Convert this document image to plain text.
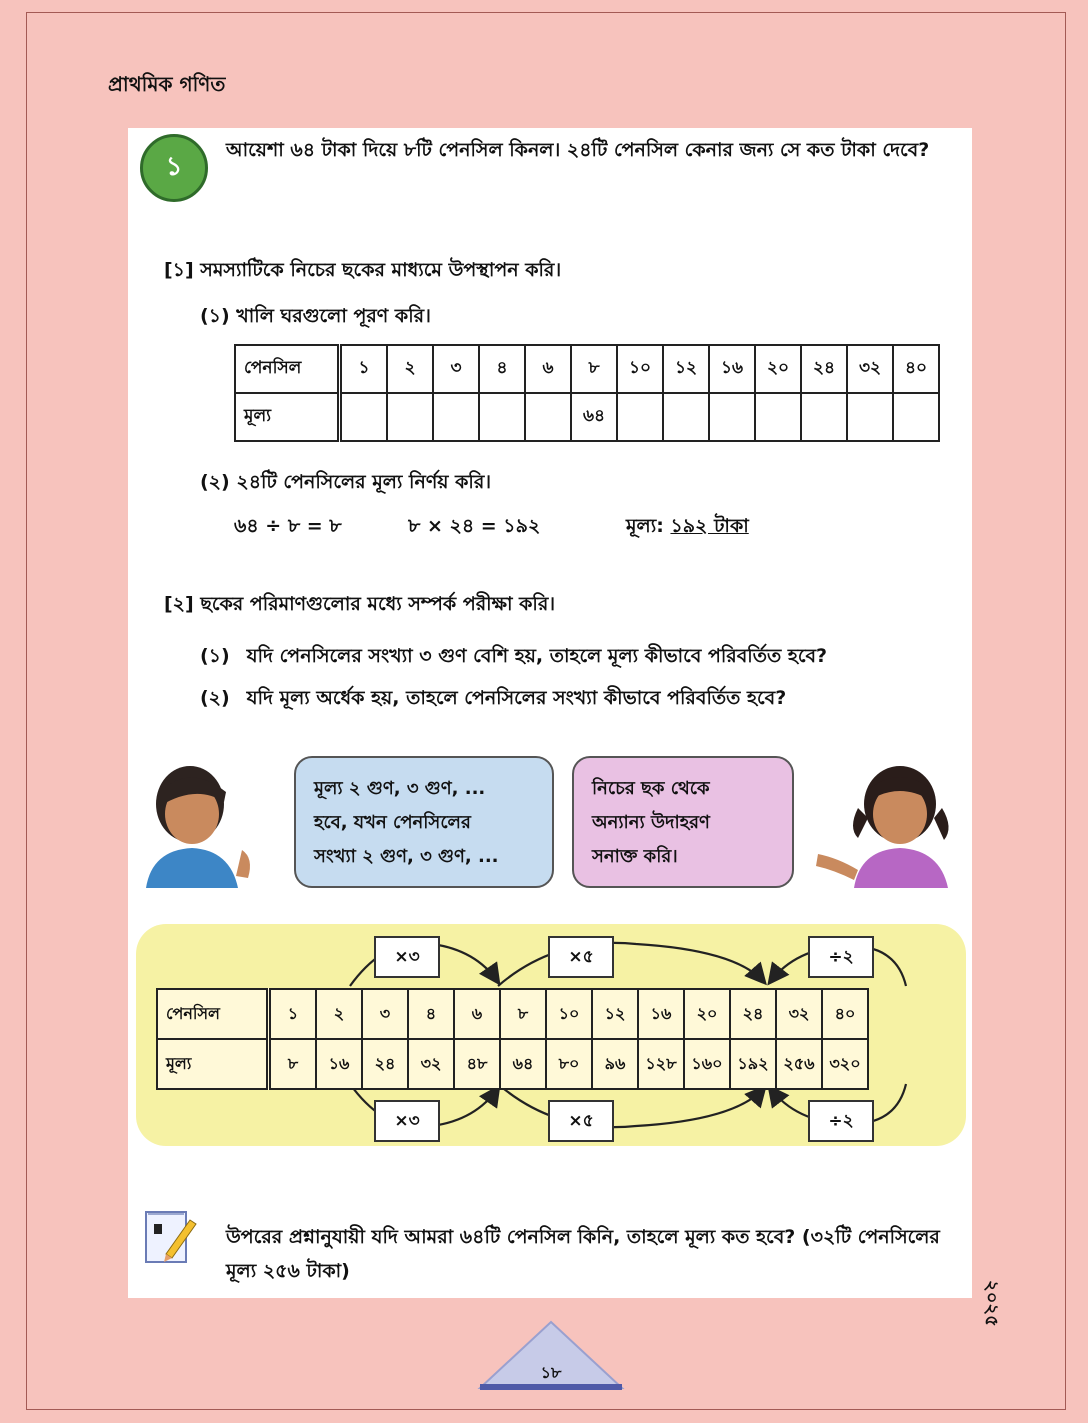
প্রাথমিক গণিত
১
আয়েশা ৬৪ টাকা দিয়ে ৮টি পেনসিল কিনল। ২৪টি পেনসিল কেনার জন্য সে কত টাকা দেবে?
[১] সমস্যাটিকে নিচের ছকের মাধ্যমে উপস্থাপন করি।
(১) খালি ঘরগুলো পূরণ করি।
পেনসিল	১	২	৩	৪	৬	৮	১০	১২	১৬	২০	২৪	৩২	৪০
মূল্য						৬৪							
(২) ২৪টি পেনসিলের মূল্য নির্ণয় করি।
৬৪ ÷ ৮ = ৮	৮ × ২৪ = ১৯২	মূল্য: ১৯২ টাকা
[২] ছকের পরিমাণগুলোর মধ্যে সম্পর্ক পরীক্ষা করি।
(১) যদি পেনসিলের সংখ্যা ৩ গুণ বেশি হয়, তাহলে মূল্য কীভাবে পরিবর্তিত হবে?
(২) যদি মূল্য অর্ধেক হয়, তাহলে পেনসিলের সংখ্যা কীভাবে পরিবর্তিত হবে?
মূল্য ২ গুণ, ৩ গুণ, ...
হবে, যখন পেনসিলের
সংখ্যা ২ গুণ, ৩ গুণ, ...
নিচের ছক থেকে
অন্যান্য উদাহরণ
সনাক্ত করি।
×৩	×৫	÷২
×৩	×৫	÷২
পেনসিল	১	২	৩	৪	৬	৮	১০	১২	১৬	২০	২৪	৩২	৪০
মূল্য	৮	১৬	২৪	৩২	৪৮	৬৪	৮০	৯৬	১২৮	১৬০	১৯২	২৫৬	৩২০
উপরের প্রশ্নানুযায়ী যদি আমরা ৬৪টি পেনসিল কিনি, তাহলে মূল্য কত হবে? (৩২টি পেনসিলের মূল্য ২৫৬ টাকা)
২০২৫
১৮
